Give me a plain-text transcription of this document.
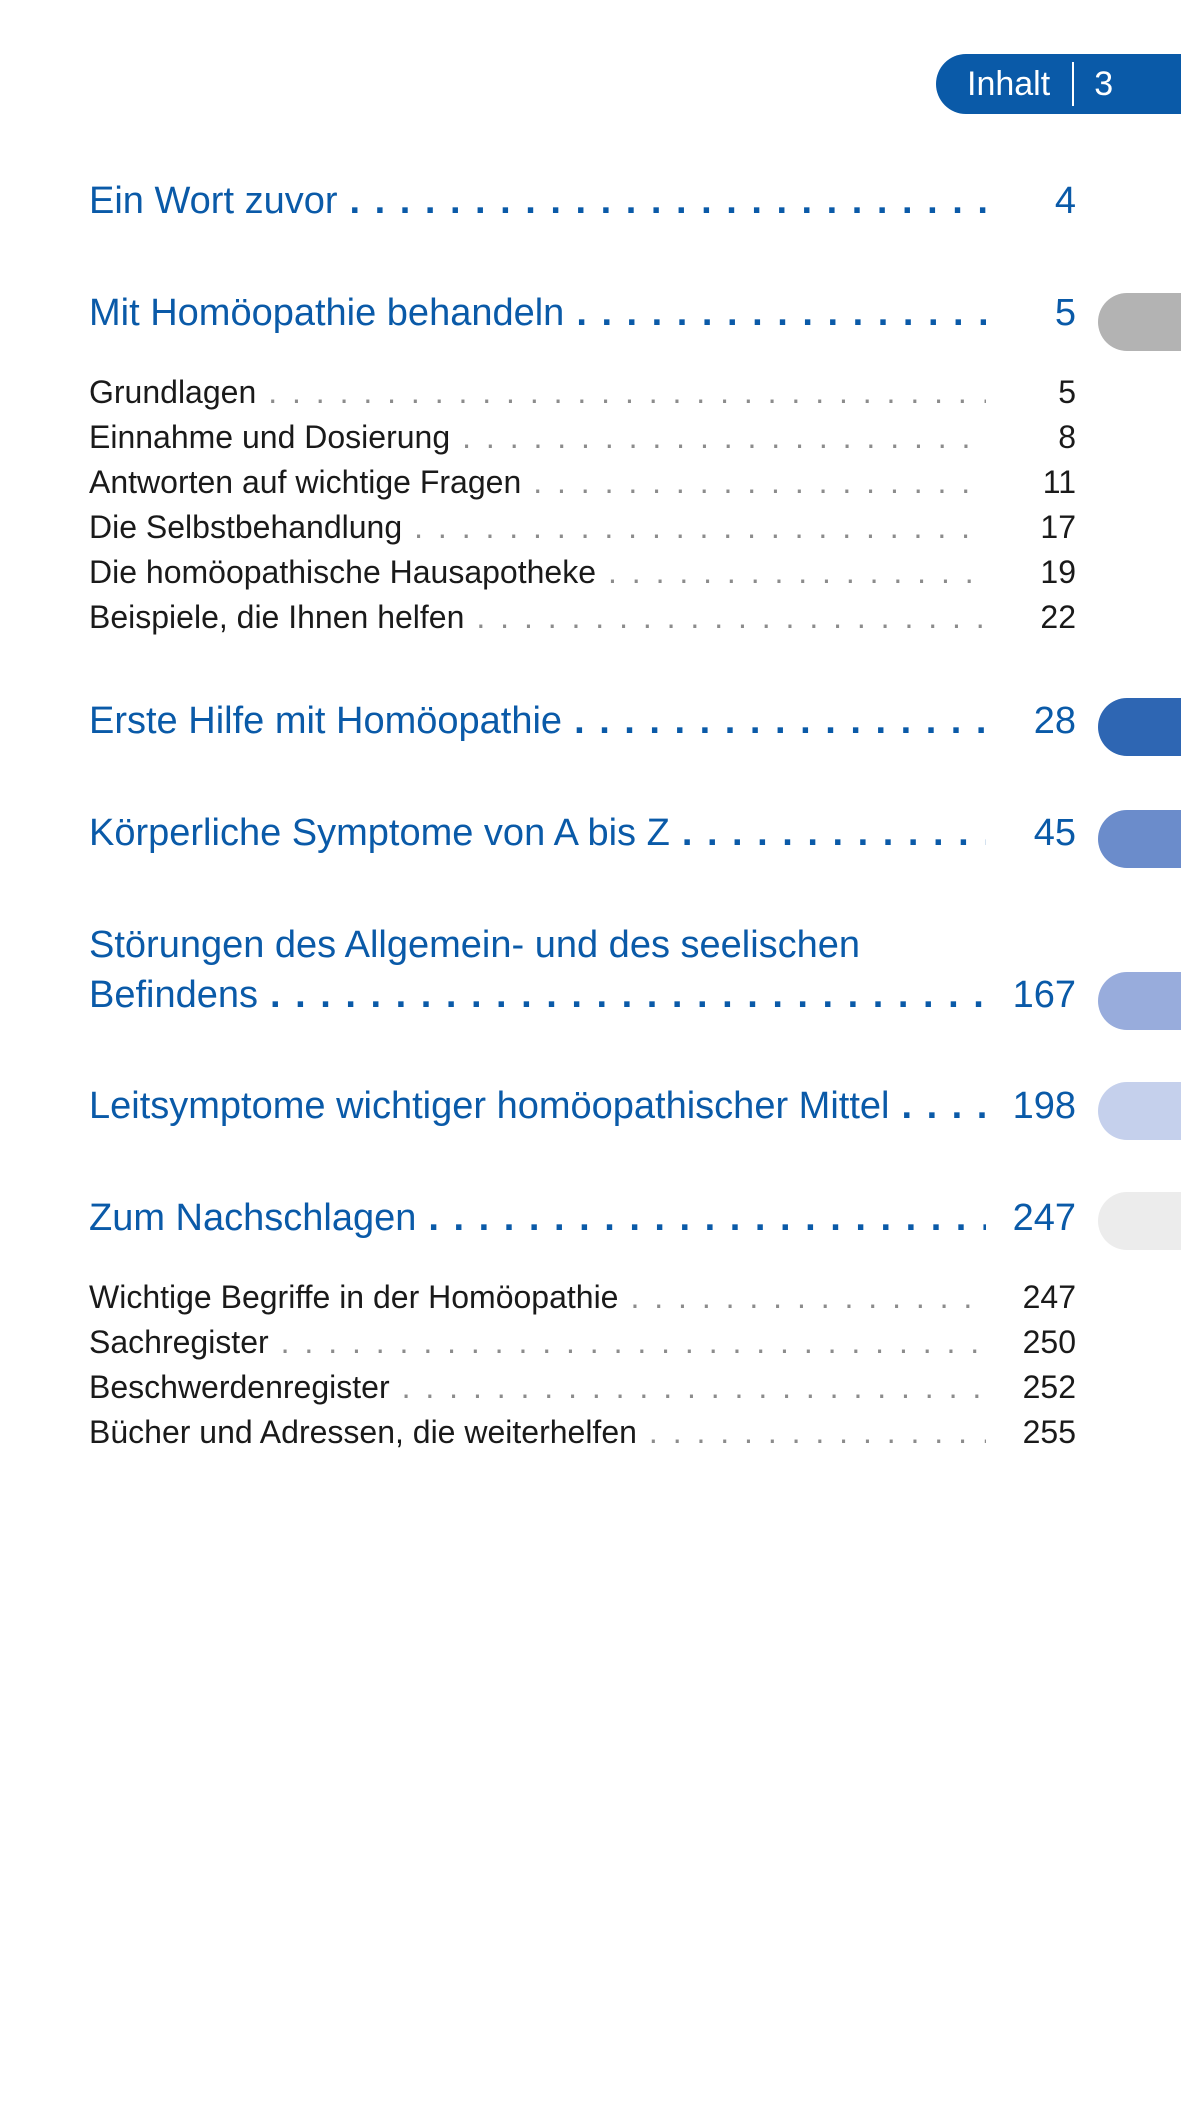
Inhalt 3
Ein Wort zuvor . . .	4
Mit Homöopathie behandeln . . .	5
Grundlagen . . .	5
Einnahme und Dosierung . . .	8
Antworten auf wichtige Fragen . . .	11
Die Selbstbehandlung . . .	17
Die homöopathische Hausapotheke . . .	19
Beispiele, die Ihnen helfen . . .	22
Erste Hilfe mit Homöopathie . . .	28
Körperliche Symptome von A bis Z . . .	45
Störungen des Allgemein- und des seelischen
Befindens . . .	167
Leitsymptome wichtiger homöopathischer Mittel . . .	198
Zum Nachschlagen . . .	247
Wichtige Begriffe in der Homöopathie . . .	247
Sachregister . . .	250
Beschwerdenregister . . .	252
Bücher und Adressen, die weiterhelfen . . .	255
